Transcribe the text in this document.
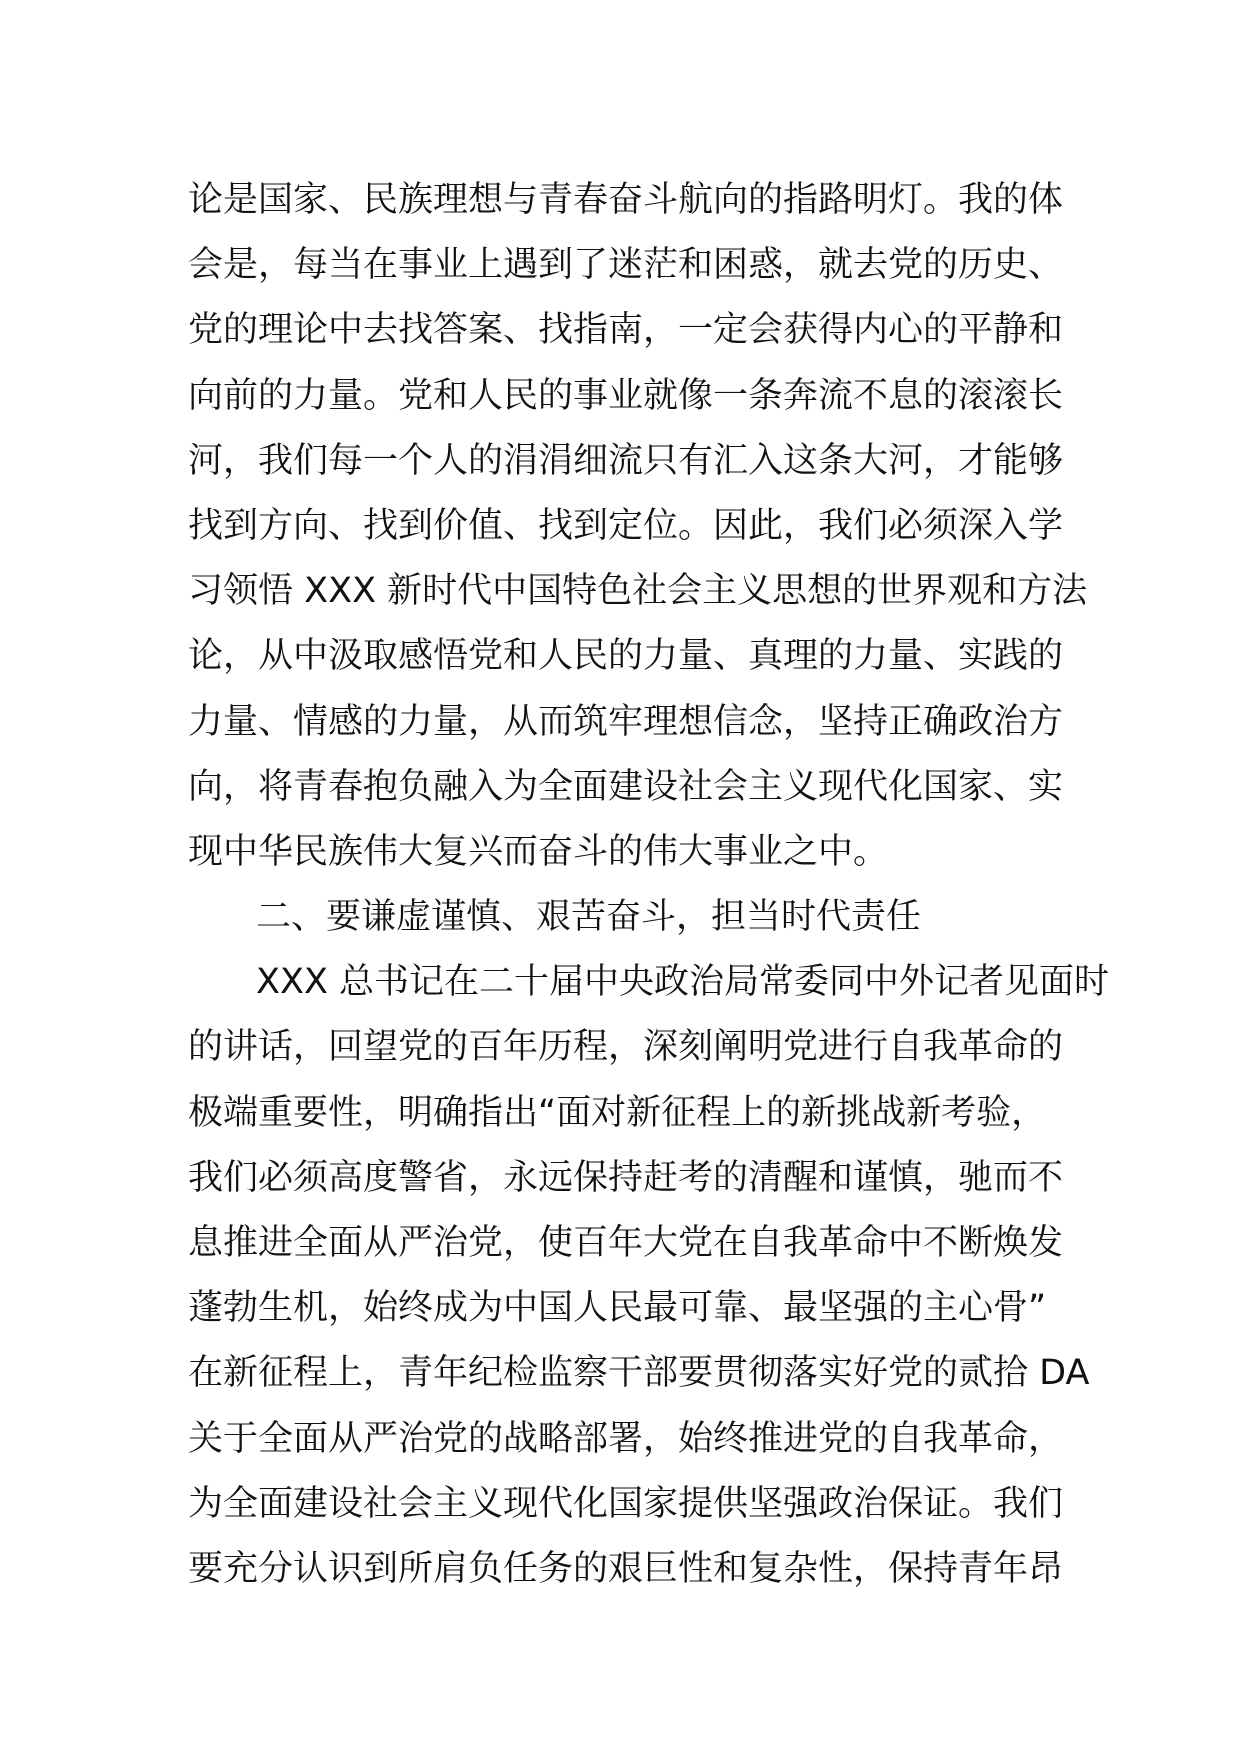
论是国家、民族理想与青春奋斗航向的指路明灯。我的体
会是，每当在事业上遇到了迷茫和困惑，就去党的历史、
党的理论中去找答案、找指南，一定会获得内心的平静和
向前的力量。党和人民的事业就像一条奔流不息的滚滚长
河，我们每一个人的涓涓细流只有汇入这条大河，才能够
找到方向、找到价值、找到定位。因此，我们必须深入学
习领悟 XXX 新时代中国特色社会主义思想的世界观和方法
论，从中汲取感悟党和人民的力量、真理的力量、实践的
力量、情感的力量，从而筑牢理想信念，坚持正确政治方
向，将青春抱负融入为全面建设社会主义现代化国家、实
现中华民族伟大复兴而奋斗的伟大事业之中。
二、要谦虚谨慎、艰苦奋斗，担当时代责任
XXX 总书记在二十届中央政治局常委同中外记者见面时
的讲话，回望党的百年历程，深刻阐明党进行自我革命的
极端重要性，明确指出“面对新征程上的新挑战新考验，
我们必须高度警省，永远保持赶考的清醒和谨慎，驰而不
息推进全面从严治党，使百年大党在自我革命中不断焕发
蓬勃生机，始终成为中国人民最可靠、最坚强的主心骨”
在新征程上，青年纪检监察干部要贯彻落实好党的贰拾 DA
关于全面从严治党的战略部署，始终推进党的自我革命，
为全面建设社会主义现代化国家提供坚强政治保证。我们
要充分认识到所肩负任务的艰巨性和复杂性，保持青年昂
